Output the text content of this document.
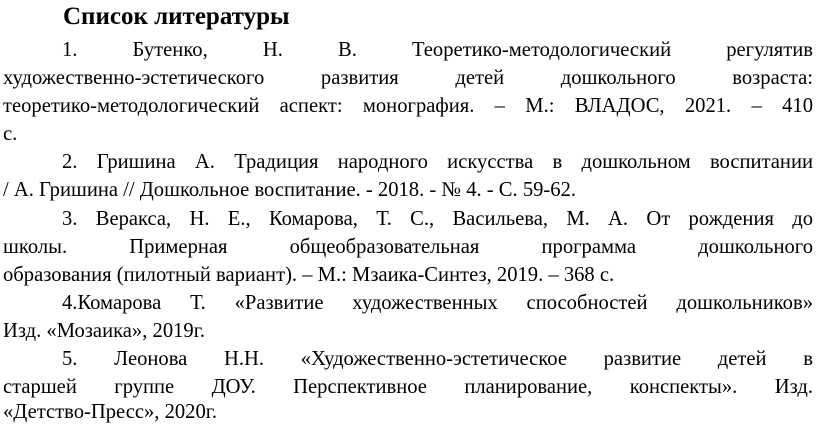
Список литературы
1. Бутенко, Н. В. Теоретико-методологический регулятив
художественно-эстетического развития детей дошкольного возраста:
теоретико-методологический аспект: монография. – М.: ВЛАДОС, 2021. – 410
с.
2. Гришина А. Традиция народного искусства в дошкольном воспитании
/ А. Гришина // Дошкольное воспитание. - 2018. - № 4. - С. 59-62.
3. Веракса, Н. Е., Комарова, Т. С., Васильева, М. А. От рождения до
школы. Примерная общеобразовательная программа дошкольного
образования (пилотный вариант). – М.: Мзаика-Синтез, 2019. – 368 с.
4.Комарова Т. «Развитие художественных способностей дошкольников»
Изд. «Мозаика», 2019г.
5. Леонова Н.Н. «Художественно-эстетическое развитие детей в
старшей группе ДОУ. Перспективное планирование, конспекты». Изд.
«Детство-Пресс», 2020г.
